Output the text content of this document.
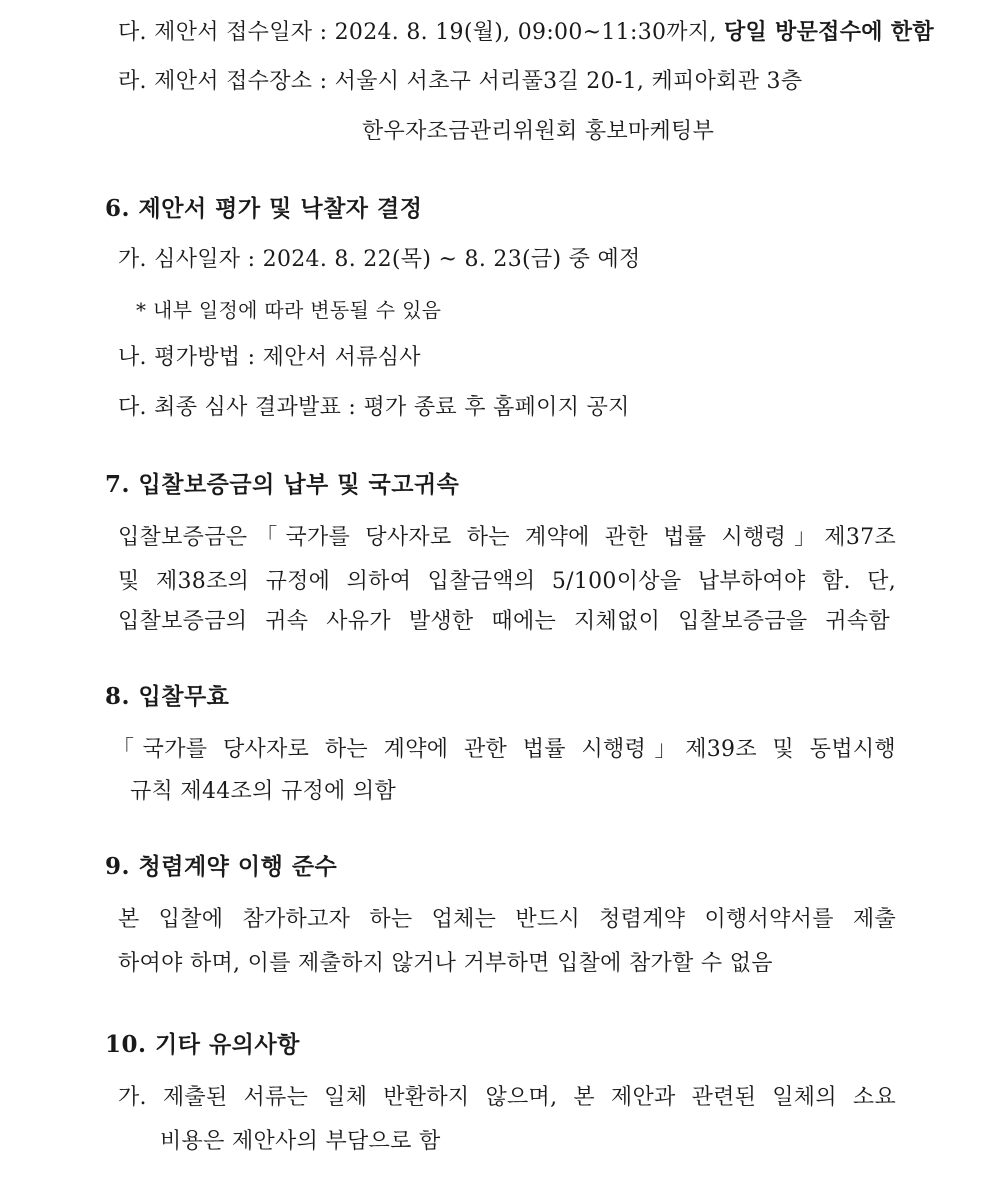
다. 제안서 접수일자 : 2024. 8. 19(월), 09:00~11:30까지, 당일 방문접수에 한함
라. 제안서 접수장소 : 서울시 서초구 서리풀3길 20-1, 케피아회관 3층
한우자조금관리위원회 홍보마케팅부
6. 제안서 평가 및 낙찰자 결정
가. 심사일자 : 2024. 8. 22(목) ~ 8. 23(금) 중 예정
* 내부 일정에 따라 변동될 수 있음
나. 평가방법 : 제안서 서류심사
다. 최종 심사 결과발표 : 평가 종료 후 홈페이지 공지
7. 입찰보증금의 납부 및 국고귀속
입찰보증금은「국가를 당사자로 하는 계약에 관한 법률 시행령」제37조
및 제38조의 규정에 의하여 입찰금액의 5/100이상을 납부하여야 함. 단,
입찰보증금의 귀속 사유가 발생한 때에는 지체없이 입찰보증금을 귀속함
8. 입찰무효
「국가를 당사자로 하는 계약에 관한 법률 시행령」제39조 및 동법시행
규칙 제44조의 규정에 의함
9. 청렴계약 이행 준수
본 입찰에 참가하고자 하는 업체는 반드시 청렴계약 이행서약서를 제출
하여야 하며, 이를 제출하지 않거나 거부하면 입찰에 참가할 수 없음
10. 기타 유의사항
가. 제출된 서류는 일체 반환하지 않으며, 본 제안과 관련된 일체의 소요
비용은 제안사의 부담으로 함
